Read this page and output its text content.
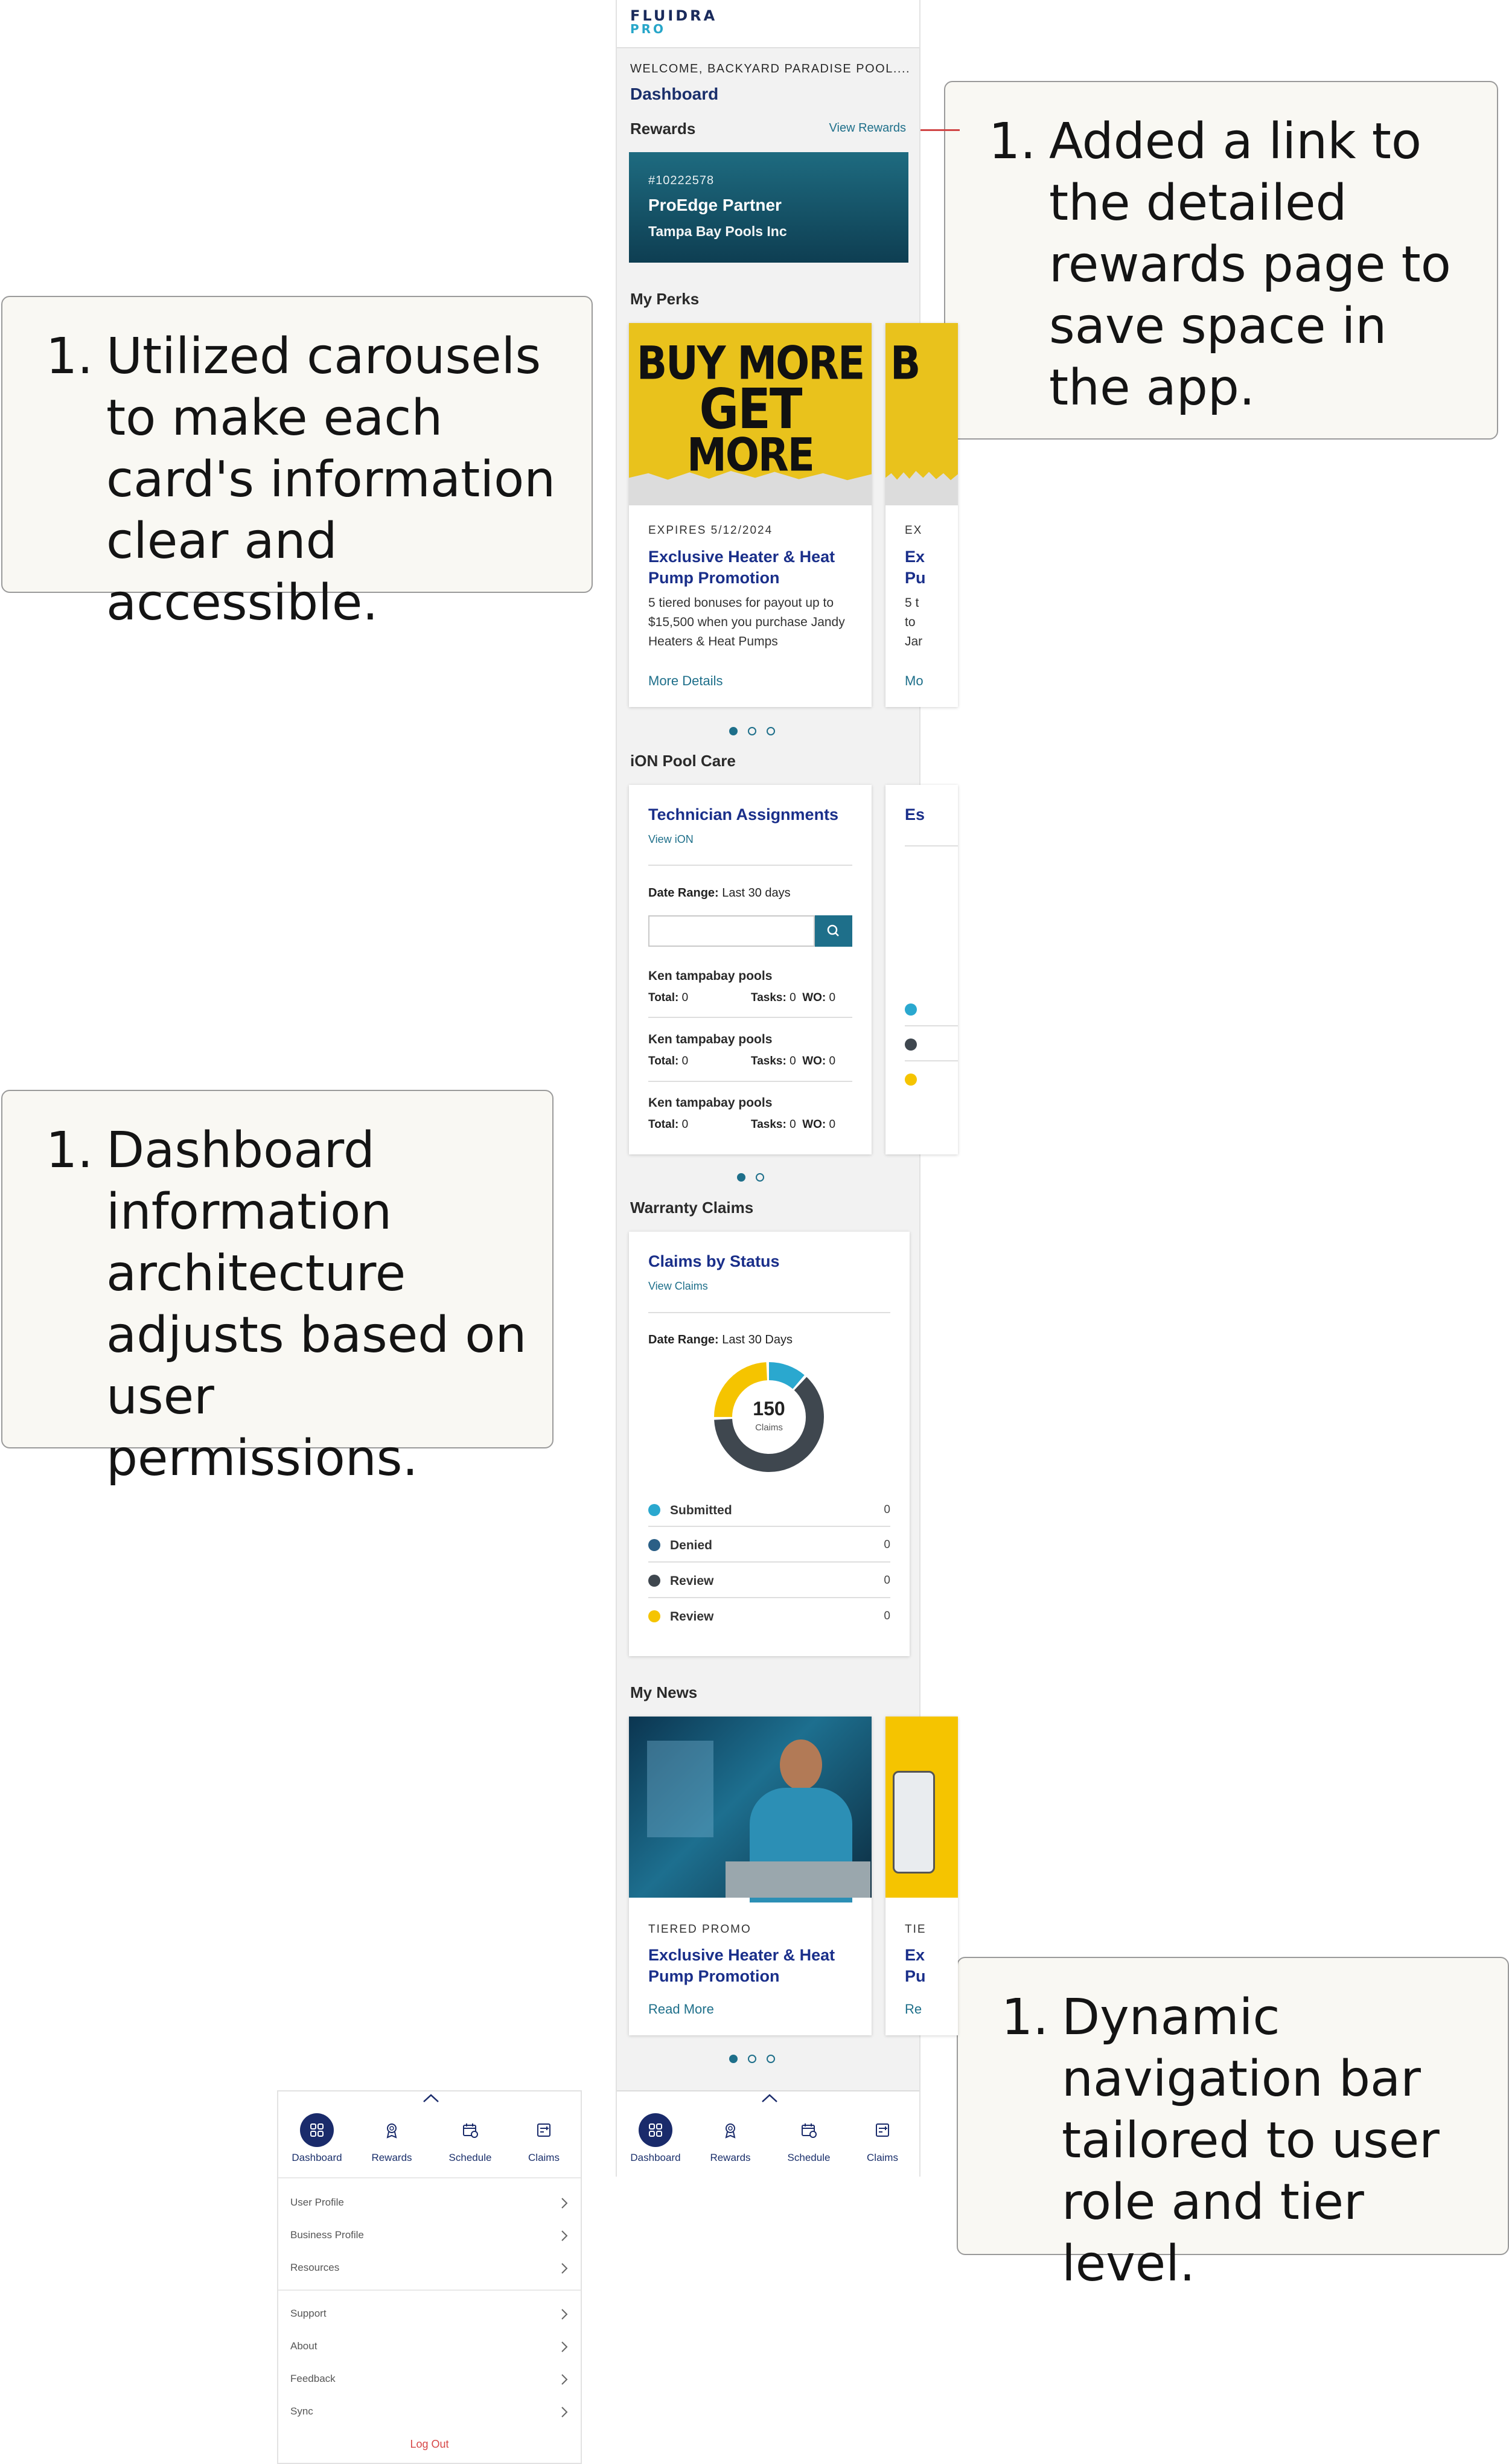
1. Utilized carousels to make each card's information clear and accessible.
1. Added a link to the detailed rewards page to save space in the app.
1. Dashboard information architecture adjusts based on user permissions.
1. Dynamic navigation bar tailored to user role and tier level.
FLUIDRA
PRO
WELCOME, BACKYARD PARADISE POOL....
Dashboard
Rewards	View Rewards
#10222578
ProEdge Partner
Tampa Bay Pools Inc
My Perks
BUY MORE
GET
MORE
EXPIRES 5/12/2024
Exclusive Heater & Heat Pump Promotion
5 tiered bonuses for payout up to $15,500 when you purchase Jandy Heaters & Heat Pumps
More Details
B
EX
Ex Pu
5 t to Jar
Mo
iON Pool Care
Technician Assignments
View iON
Date Range: Last 30 days
Ken tampabay pools
Total: 0	Tasks: 0 WO: 0
Ken tampabay pools
Total: 0	Tasks: 0 WO: 0
Ken tampabay pools
Total: 0	Tasks: 0 WO: 0
Es
Warranty Claims
Claims by Status
View Claims
Date Range: Last 30 Days
150
Claims
Submitted	0
Denied	0
Review	0
Review	0
My News
TIERED PROMO
Exclusive Heater & Heat Pump Promotion
Read More
TIE
Ex Pu
Re
Dashboard	Rewards	Schedule	Claims
Dashboard	Rewards	Schedule	Claims
User Profile
Business Profile
Resources
Support
About
Feedback
Sync
Log Out
